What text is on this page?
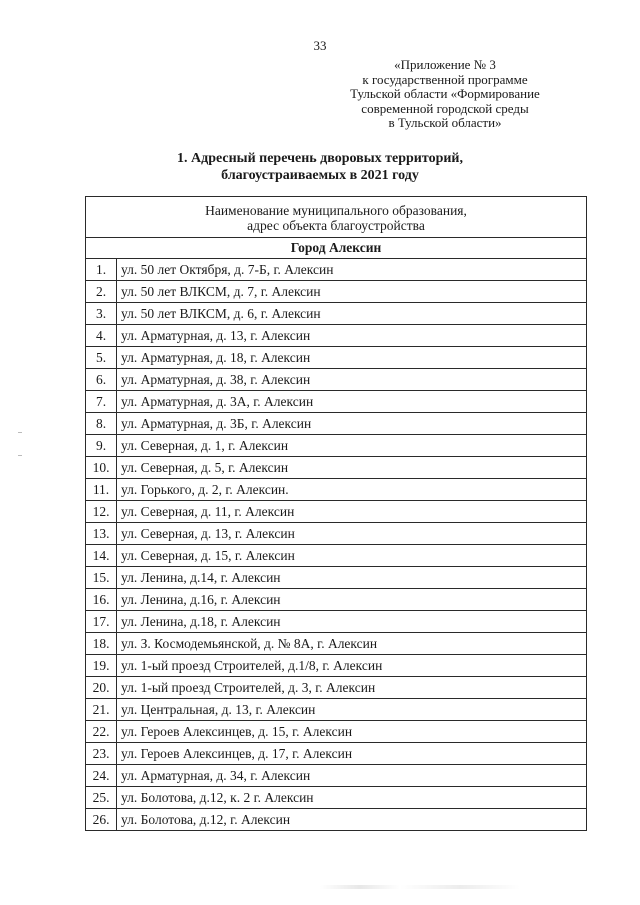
33
«Приложение № 3
к государственной программе
Тульской области «Формирование
современной городской среды
в Тульской области»
1. Адресный перечень дворовых территорий,
благоустраиваемых в 2021 году
Наименование муниципального образования,
адрес объекта благоустройства	

Город Алексин	
1.	ул. 50 лет Октября, д. 7-Б, г. Алексин
2.	ул. 50 лет ВЛКСМ, д. 7, г. Алексин
3.	ул. 50 лет ВЛКСМ, д. 6, г. Алексин
4.	ул. Арматурная, д. 13, г. Алексин
5.	ул. Арматурная, д. 18, г. Алексин
6.	ул. Арматурная, д. 38, г. Алексин
7.	ул. Арматурная, д. 3А, г. Алексин
8.	ул. Арматурная, д. 3Б, г. Алексин
9.	ул. Северная, д. 1, г. Алексин
10.	ул. Северная, д. 5, г. Алексин
11.	ул. Горького, д. 2, г. Алексин.
12.	ул. Северная, д. 11, г. Алексин
13.	ул. Северная, д. 13, г. Алексин
14.	ул. Северная, д. 15, г. Алексин
15.	ул. Ленина, д.14, г. Алексин
16.	ул. Ленина, д.16, г. Алексин
17.	ул. Ленина, д.18, г. Алексин
18.	ул. З. Космодемьянской, д. № 8А, г. Алексин
19.	ул. 1-ый проезд Строителей, д.1/8, г. Алексин
20.	ул. 1-ый проезд Строителей, д. 3, г. Алексин
21.	ул. Центральная, д. 13, г. Алексин
22.	ул. Героев Алексинцев, д. 15, г. Алексин
23.	ул. Героев Алексинцев, д. 17, г. Алексин
24.	ул. Арматурная, д. 34, г. Алексин
25.	ул. Болотова, д.12, к. 2 г. Алексин
26.	ул. Болотова, д.12, г. Алексин
